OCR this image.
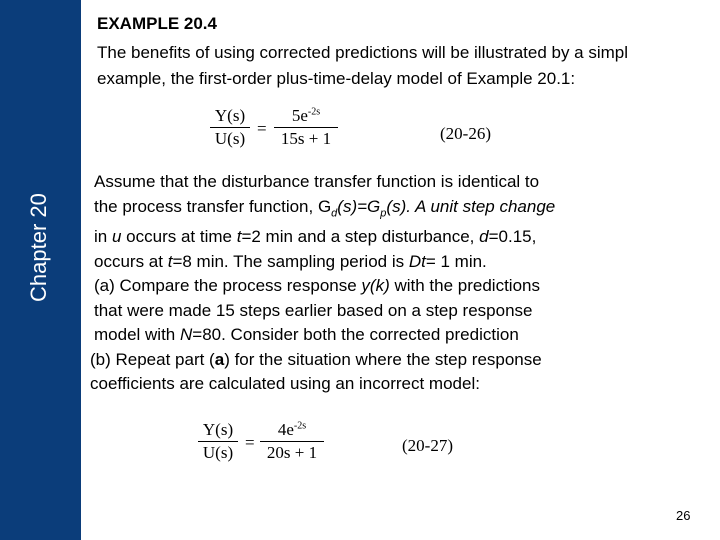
Chapter 20
EXAMPLE 20.4
The benefits of using corrected predictions will be illustrated by a simpl
example, the first-order plus-time-delay model of Example 20.1:
$\frac{Y(s)}{U(s)} = \frac{5e^{-2s}}{15s + 1}$	(20-26)

Assume that the disturbance transfer function is identical to

the process transfer function, $G_d(s)=G_p(s)$. A unit step change

in u occurs at time t=2 min and a step disturbance, d=0.15,

occurs at t=8 min. The sampling period is Dt= 1 min.

(a) Compare the process response y(k) with the predictions

that were made 15 steps earlier based on a step response

model with N=80. Consider both the corrected prediction

(b) Repeat part (a) for the situation where the step response

coefficients are calculated using an incorrect model:

$\frac{Y(s)}{U(s)} = \frac{4e^{-2s}}{20s + 1}$	(20-27)
26
